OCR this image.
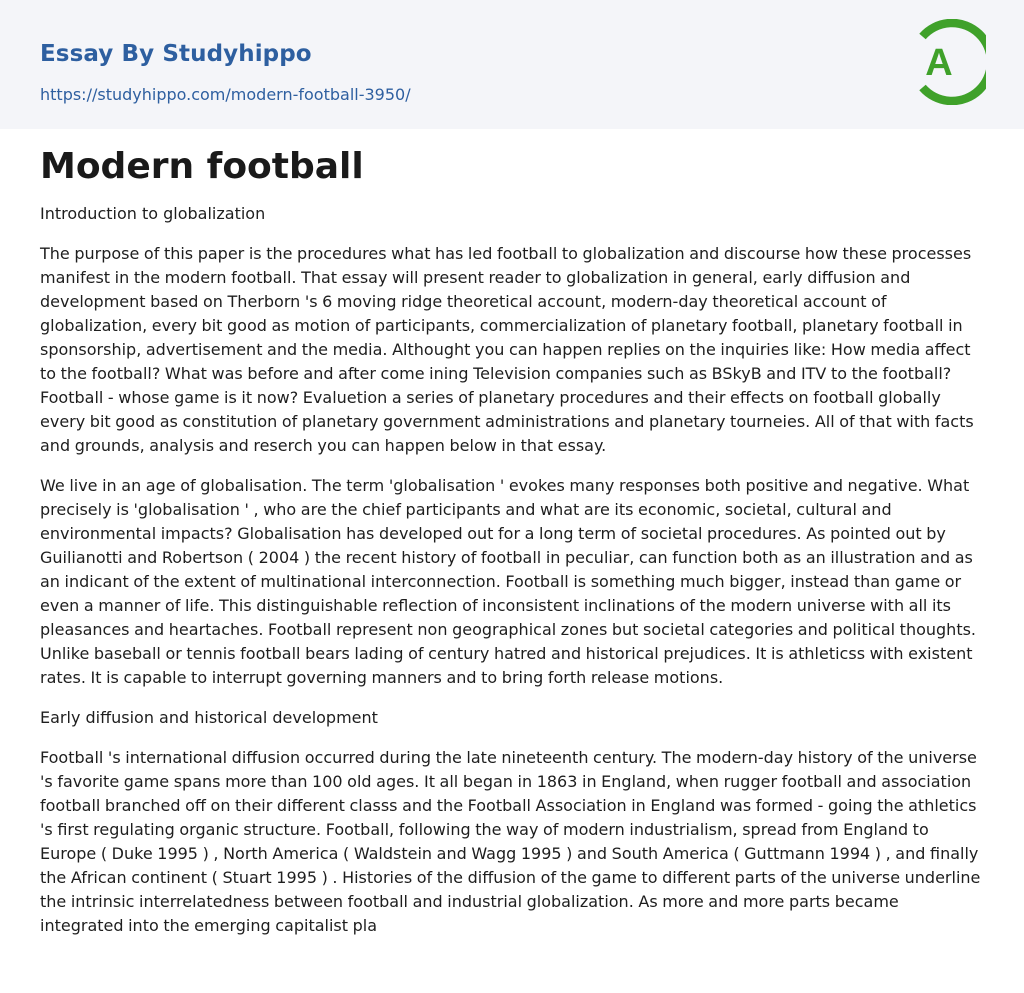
Essay By Studyhippo
https://studyhippo.com/modern-football-3950/
A
Modern football

Introduction to globalization

The purpose of this paper is the procedures what has led football to globalization and discourse how these processes manifest in the modern football. That essay will present reader to globalization in general, early diffusion and development based on Therborn 's 6 moving ridge theoretical account, modern-day theoretical account of globalization, every bit good as motion of participants, commercialization of planetary football, planetary football in sponsorship, advertisement and the media. Althought you can happen replies on the inquiries like: How media affect to the football? What was before and after come ining Television companies such as BSkyB and ITV to the football? Football - whose game is it now? Evaluetion a series of planetary procedures and their effects on football globally every bit good as constitution of planetary government administrations and planetary tourneies. All of that with facts and grounds, analysis and reserch you can happen below in that essay.

We live in an age of globalisation. The term 'globalisation ' evokes many responses both positive and negative. What precisely is 'globalisation ' , who are the chief participants and what are its economic, societal, cultural and environmental impacts? Globalisation has developed out for a long term of societal procedures. As pointed out by Guilianotti and Robertson ( 2004 ) the recent history of football in peculiar, can function both as an illustration and as an indicant of the extent of multinational interconnection. Football is something much bigger, instead than game or even a manner of life. This distinguishable reflection of inconsistent inclinations of the modern universe with all its pleasances and heartaches. Football represent non geographical zones but societal categories and political thoughts. Unlike baseball or tennis football bears lading of century hatred and historical prejudices. It is athleticss with existent rates. It is capable to interrupt governing manners and to bring forth release motions.

Early diffusion and historical development

Football 's international diffusion occurred during the late nineteenth century. The modern-day history of the universe 's favorite game spans more than 100 old ages. It all began in 1863 in England, when rugger football and association football branched off on their different classs and the Football Association in England was formed - going the athletics 's first regulating organic structure. Football, following the way of modern industrialism, spread from England to Europe ( Duke 1995 ) , North America ( Waldstein and Wagg 1995 ) and South America ( Guttmann 1994 ) , and finally the African continent ( Stuart 1995 ) . Histories of the diffusion of the game to different parts of the universe underline the intrinsic interrelatedness between football and industrial globalization. As more and more parts became integrated into the emerging capitalist pla
